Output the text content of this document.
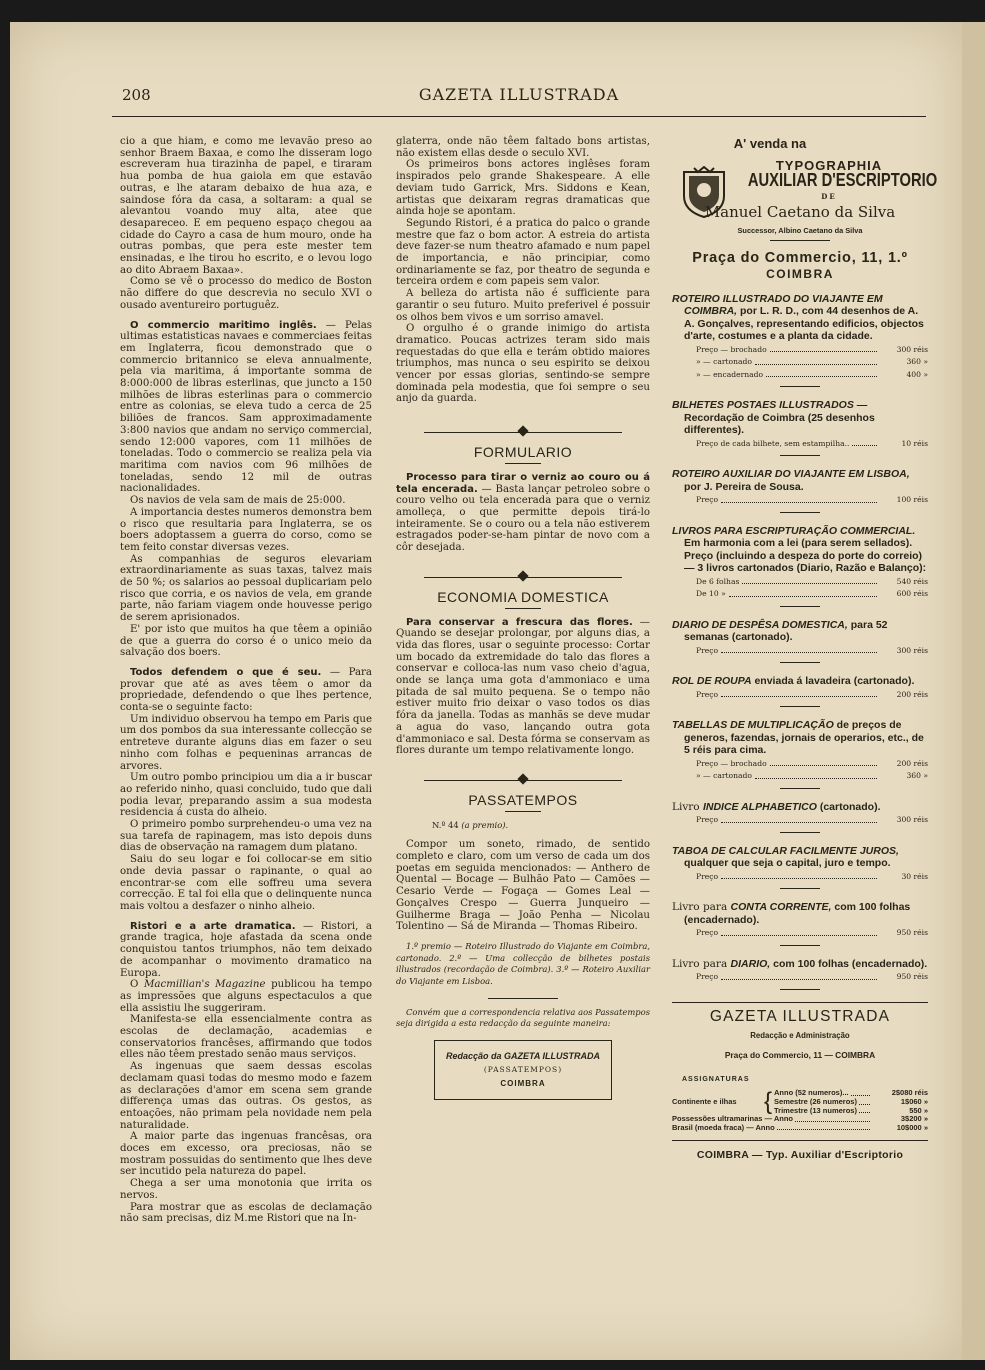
208	GAZETA ILLUSTRADA

cio a que hiam, e como me levavão preso ao senhor Braem Baxaa, e como lhe disseram logo escreveram hua tirazinha de papel, e tiraram hua pomba de hua gaiola em que estavão outras, e lhe ataram debaixo de hua aza, e saindose fóra da casa, a soltaram: a qual se alevantou voando muy alta, atee que desapareceo. E em pequeno espaço chegou aa cidade do Cayro a casa de hum mouro, onde ha outras pombas, que pera este mester tem ensinadas, e lhe tirou ho escrito, e o levou logo ao dito Abraem Baxaa».

Como se vê o processo do medico de Boston não differe do que descrevia no seculo XVI o ousado aventureiro portuguêz.

O commercio maritimo inglês. — Pelas ultimas estatisticas navaes e commerciaes feitas em Inglaterra, ficou demonstrado que o commercio britannico se eleva annualmente, pela via maritima, á importante somma de 8:000:000 de libras esterlinas, que juncto a 150 milhões de libras esterlinas para o commercio entre as colonias, se eleva tudo a cerca de 25 biliões de francos. Sam approximadamente 3:800 navios que andam no serviço commercial, sendo 12:000 vapores, com 11 milhões de toneladas. Todo o commercio se realiza pela via maritima com navios com 96 milhões de toneladas, sendo 12 mil de outras nacionalidades.

Os navios de vela sam de mais de 25:000.

A importancia destes numeros demonstra bem o risco que resultaria para Inglaterra, se os boers adoptassem a guerra do corso, como se tem feito constar diversas vezes.

As companhias de seguros elevariam extraordinariamente as suas taxas, talvez mais de 50 %; os salarios ao pessoal duplicariam pelo risco que corria, e os navios de vela, em grande parte, não fariam viagem onde houvesse perigo de serem aprisionados.

E' por isto que muitos ha que têem a opinião de que a guerra do corso é o unico meio da salvação dos boers.

Todos defendem o que é seu. — Para provar que até as aves têem o amor da propriedade, defendendo o que lhes pertence, conta-se o seguinte facto:

Um individuo observou ha tempo em Paris que um dos pombos da sua interessante collecção se entreteve durante alguns dias em fazer o seu ninho com folhas e pequeninas arrancas de arvores.

Um outro pombo principiou um dia a ir buscar ao referido ninho, quasi concluido, tudo que dali podia levar, preparando assim a sua modesta residencia á custa do alheio.

O primeiro pombo surprehendeu-o uma vez na sua tarefa de rapinagem, mas isto depois duns dias de observação na ramagem dum platano.

Saiu do seu logar e foi collocar-se em sitio onde devia passar o rapinante, o qual ao encontrar-se com elle soffreu uma severa correcção. E tal foi ella que o delinquente nunca mais voltou a desfazer o ninho alheio.

Ristori e a arte dramatica. — Ristori, a grande tragica, hoje afastada da scena onde conquistou tantos triumphos, não tem deixado de acompanhar o movimento dramatico na Europa.

O Macmillian's Magazine publicou ha tempo as impressões que alguns espectaculos a que ella assistiu lhe suggeriram.

Manifesta-se ella essencialmente contra as escolas de declamação, academias e conservatorios francêses, affirmando que todos elles não têem prestado senão maus serviços.

As ingenuas que saem dessas escolas declamam quasi todas do mesmo modo e fazem as declarações d'amor em scena sem grande differença umas das outras. Os gestos, as entoações, não primam pela novidade nem pela naturalidade.

A maior parte das ingenuas francêsas, ora doces em excesso, ora preciosas, não se mostram possuidas do sentimento que lhes deve ser incutido pela natureza do papel.

Chega a ser uma monotonia que irrita os nervos.

Para mostrar que as escolas de declamação não sam precisas, diz M.me Ristori que na In-

glaterra, onde não têem faltado bons artistas, não existem ellas desde o seculo XVI.

Os primeiros bons actores inglêses foram inspirados pelo grande Shakespeare. A elle deviam tudo Garrick, Mrs. Siddons e Kean, artistas que deixaram regras dramaticas que ainda hoje se apontam.

Segundo Ristori, é a pratica do palco o grande mestre que faz o bom actor. A estreia do artista deve fazer-se num theatro afamado e num papel de importancia, e não principiar, como ordinariamente se faz, por theatro de segunda e terceira ordem e com papeis sem valor.

A belleza do artista não é sufficiente para garantir o seu futuro. Muito preferivel é possuir os olhos bem vivos e um sorriso amavel.

O orgulho é o grande inimigo do artista dramatico. Poucas actrizes teram sido mais requestadas do que ella e terám obtido maiores triumphos, mas nunca o seu espirito se deixou vencer por essas glorias, sentindo-se sempre dominada pela modestia, que foi sempre o seu anjo da guarda.

FORMULARIO

Processo para tirar o verniz ao couro ou á tela encerada. — Basta lançar petroleo sobre o couro velho ou tela encerada para que o verniz amolleça, o que permitte depois tirá-lo inteiramente. Se o couro ou a tela não estiverem estragados poder-se-ham pintar de novo com a côr desejada.

ECONOMIA DOMESTICA

Para conservar a frescura das flores. — Quando se desejar prolongar, por alguns dias, a vida das flores, usar o seguinte processo: Cortar um bocado da extremidade do talo das flores a conservar e colloca-las num vaso cheio d'agua, onde se lança uma gota d'ammoniaco e uma pitada de sal muito pequena. Se o tempo não estiver muito frio deixar o vaso todos os dias fóra da janella. Todas as manhãs se deve mudar a agua do vaso, lançando outra gota d'ammoniaco e sal. Desta fórma se conservam as flores durante um tempo relativamente longo.

PASSATEMPOS

N.º 44 (a premio).

Compor um soneto, rimado, de sentido completo e claro, com um verso de cada um dos poetas em seguida mencionados: — Anthero de Quental — Bocage — Bulhão Pato — Camões — Cesario Verde — Fogaça — Gomes Leal — Gonçalves Crespo — Guerra Junqueiro — Guilherme Braga — João Penha — Nicolau Tolentino — Sá de Miranda — Thomas Ribeiro.

1.º premio — Roteiro Illustrado do Viajante em Coimbra, cartonado. 2.º — Uma collecção de bilhetes postais illustrados (recordação de Coimbra). 3.º — Roteiro Auxiliar do Viajante em Lisboa.

Convém que a correspondencia relativa aos Passatempos seja dirigida a esta redacção da seguinte maneira:

Redacção da GAZETA ILLUSTRADA
(PASSATEMPOS)
COIMBRA
A' venda na
TYPOGRAPHIA
AUXILIAR D'ESCRIPTORIO
DE
Manuel Caetano da Silva
Successor, Albino Caetano da Silva
Praça do Commercio, 11, 1.º
COIMBRA
ROTEIRO ILLUSTRADO DO VIAJANTE EM COIMBRA, por L. R. D., com 44 desenhos de A. A. Gonçalves, representando edificios, objectos d'arte, costumes e a planta da cidade.
Preço — brochado	300 réis
» — cartonado	360 »
» — encadernado	400 »
BILHETES POSTAES ILLUSTRADOS — Recordação de Coimbra (25 desenhos differentes).
Preço de cada bilhete, sem estampilha..	10 réis
ROTEIRO AUXILIAR DO VIAJANTE EM LISBOA, por J. Pereira de Sousa.
Preço	100 réis
LIVROS PARA ESCRIPTURAÇÃO COMMERCIAL. Em harmonia com a lei (para serem sellados). Preço (incluindo a despeza do porte do correio) — 3 livros cartonados (Diario, Razão e Balanço):
De 6 folhas	540 réis
De 10 »	600 réis
DIARIO DE DESPÊSA DOMESTICA, para 52 semanas (cartonado).
Preço	300 réis
ROL DE ROUPA enviada á lavadeira (cartonado).
Preço	200 réis
TABELLAS DE MULTIPLICAÇÃO de preços de generos, fazendas, jornais de operarios, etc., de 5 réis para cima.
Preço — brochado	200 réis
» — cartonado	360 »
Livro INDICE ALPHABETICO (cartonado).
Preço	300 réis
TABOA DE CALCULAR FACILMENTE JUROS, qualquer que seja o capital, juro e tempo.
Preço	30 réis
Livro para CONTA CORRENTE, com 100 folhas (encadernado).
Preço	950 réis
Livro para DIARIO, com 100 folhas (encadernado).
Preço	950 réis
GAZETA ILLUSTRADA
Redacção e Administração
Praça do Commercio, 11 — COIMBRA
ASSIGNATURAS
Continente e ilhas	{ Anno (52 numeros)...	2$080 réis
Semestre (26 numeros)	1$060 »
Trimestre (13 numeros)	550 »
Possessões ultramarinas — Anno	3$200 »
Brasil (moeda fraca) — Anno	10$000 »
COIMBRA — Typ. Auxiliar d'Escriptorio
